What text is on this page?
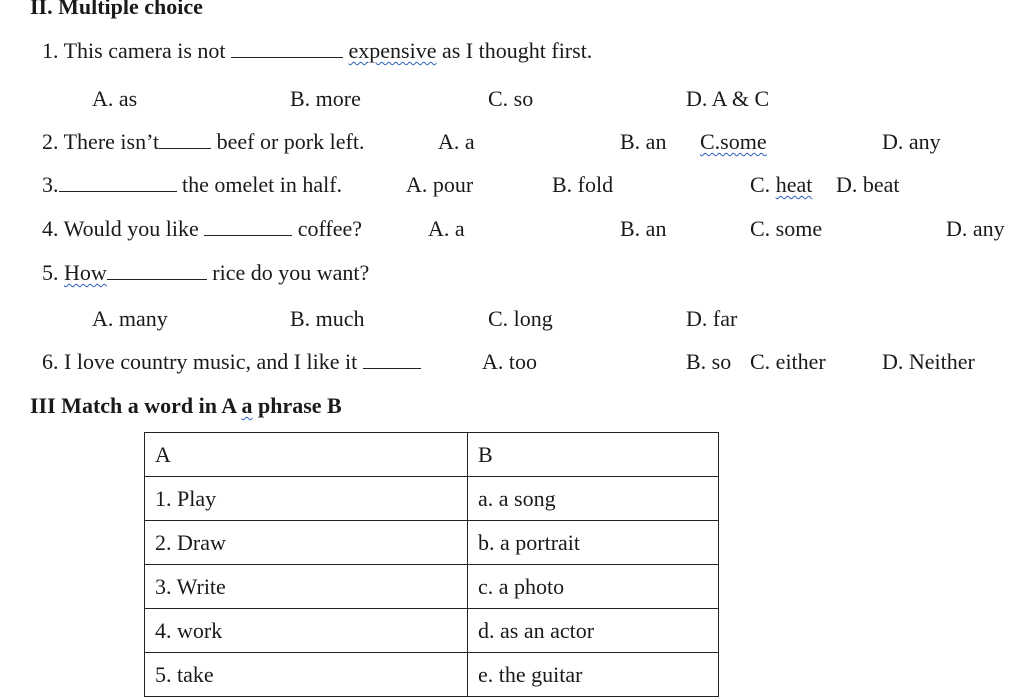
II. Multiple choice
1. This camera is not	expensive as I thought first.
A. as	B. more	C. so	D. A & C
2. There isn’t	beef or pork left.	A. a	B. an C.some	D. any
3.	the omelet in half.	A. pour	B. fold	C. heat D. beat
4. Would you like	coffee?	A. a	B. an	C. some	D. any
5. How	rice do you want?
A. many	B. much	C. long	D. far
6. I love country music, and I like it	A. too	B. so C. either	D. Neither
III Match a word in A a phrase B
A	B
1. Play	a. a song
2. Draw	b. a portrait
3. Write	c. a photo
4. work	d. as an actor
5. take	e. the guitar
